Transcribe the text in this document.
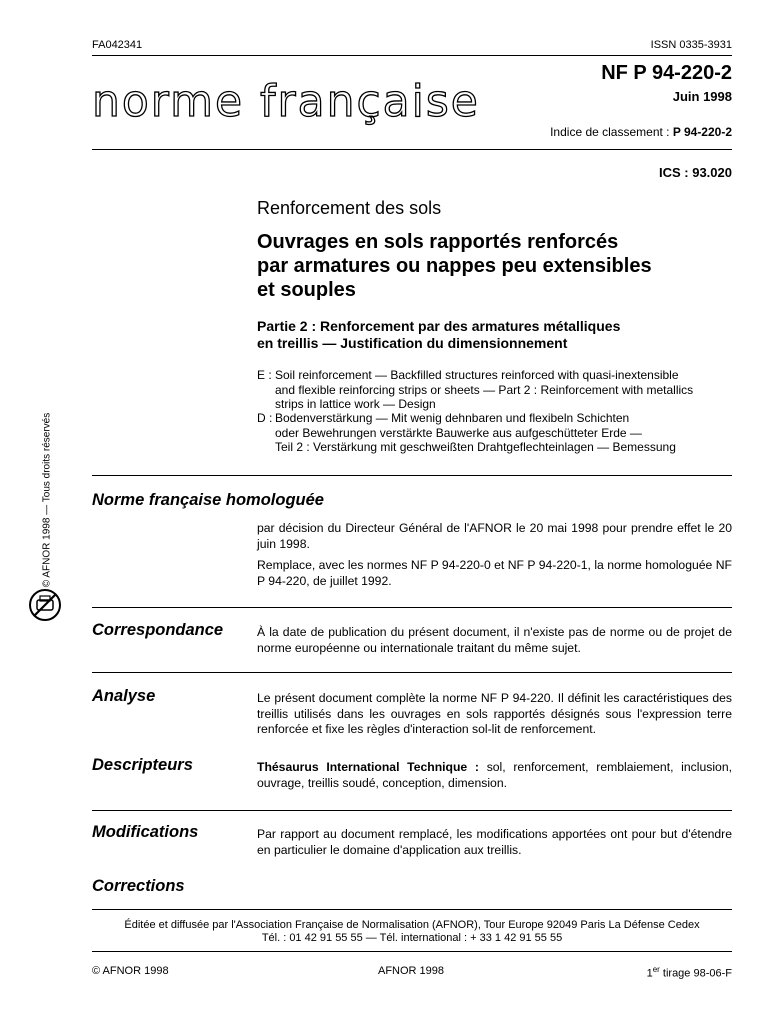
FA042341	ISSN 0335-3931
norme française
NF P 94-220-2
Juin 1998
Indice de classement : P 94-220-2
ICS : 93.020
Renforcement des sols
Ouvrages en sols rapportés renforcés
par armatures ou nappes peu extensibles
et souples
Partie 2 : Renforcement par des armatures métalliques
en treillis — Justification du dimensionnement
E : Soil reinforcement — Backfilled structures reinforced with quasi-inextensible
and flexible reinforcing strips or sheets — Part 2 : Reinforcement with metallics
strips in lattice work — Design
D : Bodenverstärkung — Mit wenig dehnbaren und flexibeln Schichten
oder Bewehrungen verstärkte Bauwerke aus aufgeschütteter Erde —
Teil 2 : Verstärkung mit geschweißten Drahtgeflechteinlagen — Bemessung
Norme française homologuée

par décision du Directeur Général de l'AFNOR le 20 mai 1998 pour prendre effet le 20 juin 1998.

Remplace, avec les normes NF P 94-220-0 et NF P 94-220-1, la norme homologuée NF P 94-220, de juillet 1992.

Correspondance	À la date de publication du présent document, il n'existe pas de norme ou de projet de norme européenne ou internationale traitant du même sujet.

Analyse	Le présent document complète la norme NF P 94-220. Il définit les caractéristiques des treillis utilisés dans les ouvrages en sols rapportés désignés sous l'expression terre renforcée et fixe les règles d'interaction sol-lit de renforcement.

Descripteurs	Thésaurus International Technique : sol, renforcement, remblaiement, inclusion, ouvrage, treillis soudé, conception, dimension.

Modifications	Par rapport au document remplacé, les modifications apportées ont pour but d'étendre en particulier le domaine d'application aux treillis.

Corrections
Éditée et diffusée par l'Association Française de Normalisation (AFNOR), Tour Europe 92049 Paris La Défense Cedex
Tél. : 01 42 91 55 55 — Tél. international : + 33 1 42 91 55 55
© AFNOR 1998	AFNOR 1998	1er tirage 98-06-F
© AFNOR 1998 — Tous droits réservés
